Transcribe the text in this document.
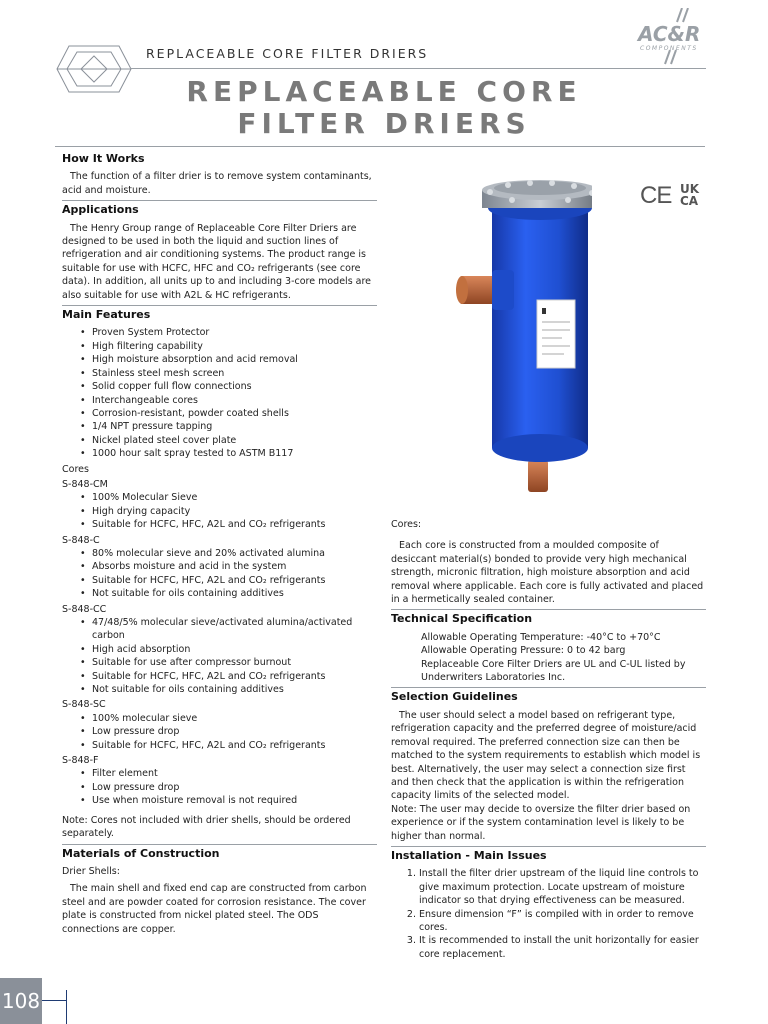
REPLACEABLE CORE FILTER DRIERS
AC&R
COMPONENTS
REPLACEABLE CORE
FILTER DRIERS
How It Works

The function of a filter drier is to remove system contaminants, acid and moisture.

Applications

The Henry Group range of Replaceable Core Filter Driers are designed to be used in both the liquid and suction lines of refrigeration and air conditioning systems. The product range is suitable for use with HCFC, HFC and CO₂ refrigerants (see core data). In addition, all units up to and including 3-core models are also suitable for use with A2L & HC refrigerants.

Main Features
• Proven System Protector
• High filtering capability
• High moisture absorption and acid removal
• Stainless steel mesh screen
• Solid copper full flow connections
• Interchangeable cores
• Corrosion-resistant, powder coated shells
• 1/4 NPT pressure tapping
• Nickel plated steel cover plate
• 1000 hour salt spray tested to ASTM B117

Cores

S-848-CM

• 100% Molecular Sieve
• High drying capacity
• Suitable for HCFC, HFC, A2L and CO₂ refrigerants

S-848-C

• 80% molecular sieve and 20% activated alumina
• Absorbs moisture and acid in the system
• Suitable for HCFC, HFC, A2L and CO₂ refrigerants
• Not suitable for oils containing additives

S-848-CC

• 47/48/5% molecular sieve/activated alumina/activated carbon
• High acid absorption
• Suitable for use after compressor burnout
• Suitable for HCFC, HFC, A2L and CO₂ refrigerants
• Not suitable for oils containing additives

S-848-SC

• 100% molecular sieve
• Low pressure drop
• Suitable for HCFC, HFC, A2L and CO₂ refrigerants

S-848-F

• Filter element
• Low pressure drop
• Use when moisture removal is not required

Note: Cores not included with drier shells, should be ordered separately.

Materials of Construction

Drier Shells:

The main shell and fixed end cap are constructed from carbon steel and are powder coated for corrosion resistance. The cover plate is constructed from nickel plated steel. The ODS connections are copper.

CE UK
CA

Cores:

Each core is constructed from a moulded composite of desiccant material(s) bonded to provide very high mechanical strength, micronic filtration, high moisture absorption and acid removal where applicable. Each core is fully activated and placed in a hermetically sealed container.

Technical Specification

Allowable Operating Temperature: -40°C to +70°C

Allowable Operating Pressure: 0 to 42 barg

Replaceable Core Filter Driers are UL and C-UL listed by Underwriters Laboratories Inc.

Selection Guidelines

The user should select a model based on refrigerant type, refrigeration capacity and the preferred degree of moisture/acid removal required. The preferred connection size can then be matched to the system requirements to establish which model is best. Alternatively, the user may select a connection size first and then check that the application is within the refrigeration capacity limits of the selected model.

Note: The user may decide to oversize the filter drier based on experience or if the system contamination level is likely to be higher than normal.

Installation - Main Issues
1. Install the filter drier upstream of the liquid line controls to give maximum protection. Locate upstream of moisture indicator so that drying effectiveness can be measured.
2. Ensure dimension “F” is compiled with in order to remove cores.
3. It is recommended to install the unit horizontally for easier core replacement.
108
